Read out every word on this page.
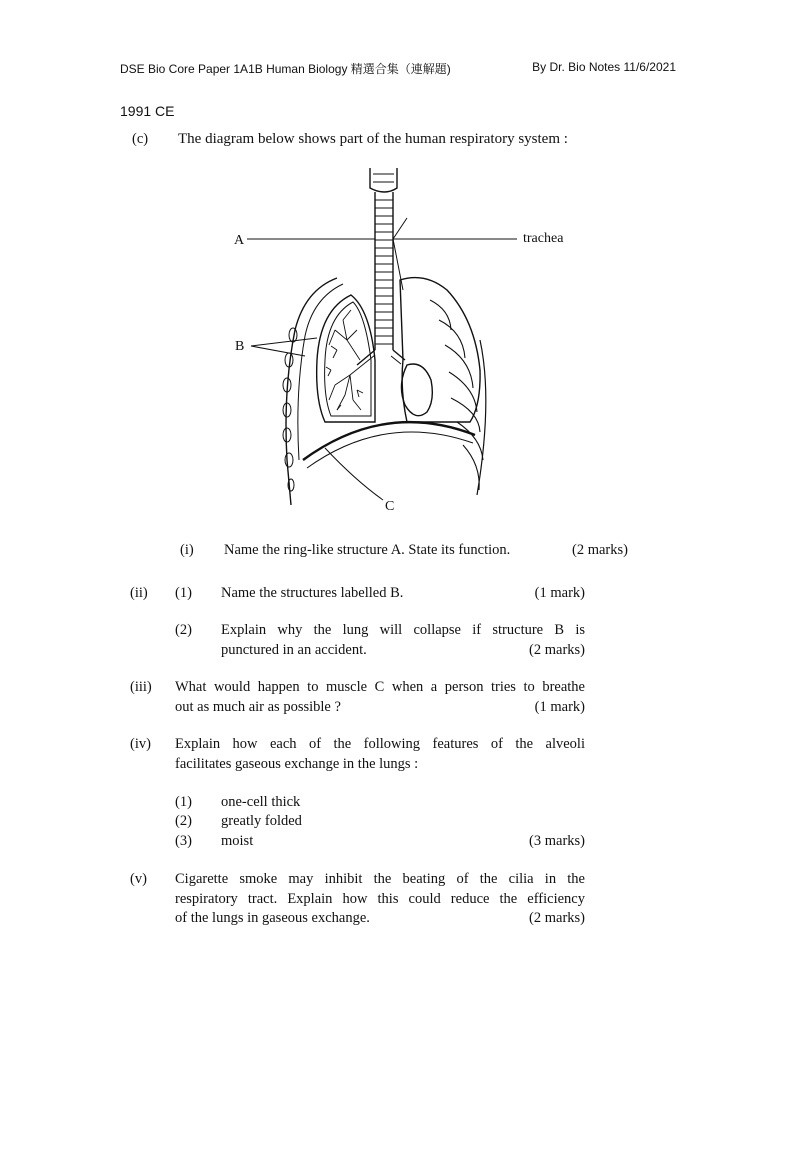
DSE Bio Core Paper 1A1B Human Biology 精選合集（連解題)	By Dr. Bio Notes 11/6/2021
1991 CE
(c) The diagram below shows part of the human respiratory system :
A	trachea
B
C
(i) Name the ring-like structure A. State its function.	(2 marks)
(ii) (1) Name the structures labelled B.	(1 mark)
(2) Explain why the lung will collapse if structure B is
punctured in an accident.	(2 marks)
(iii) What would happen to muscle C when a person tries to breathe
out as much air as possible ?	(1 mark)
(iv) Explain how each of the following features of the alveoli
facilitates gaseous exchange in the lungs :
(1) one-cell thick
(2) greatly folded
(3) moist	(3 marks)
(v) Cigarette smoke may inhibit the beating of the cilia in the
respiratory tract. Explain how this could reduce the efficiency
of the lungs in gaseous exchange.	(2 marks)
